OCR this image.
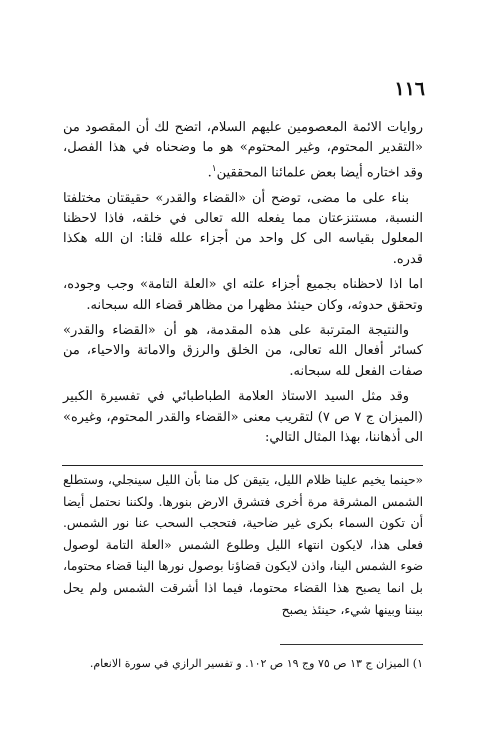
١١٦

روايات الائمة المعصومين عليهم السلام، اتضح لك أن المقصود من «التقدير المحتوم، وغير المحتوم» هو ما وضحناه في هذا الفصل، وقد اختاره أيضا بعض علمائنا المحققين$^١$.

بناء على ما مضى، توضح أن «القضاء والقدر» حقيقتان مختلفتا النسبة، مستنزعتان مما يفعله الله تعالى في خلقه، فاذا لاحظنا المعلول بقياسه الى كل واحد من أجزاء علله قلنا: ان الله هكذا قدره.

اما اذا لاحظناه بجميع أجزاء علته اي «العلة التامة» وجب وجوده، وتحقق حدوثه، وكان حينئذ مظهرا من مظاهر قضاء الله سبحانه.

والنتيجة المترتبة على هذه المقدمة، هو أن «القضاء والقدر» كسائر أفعال الله تعالى، من الخلق والرزق والاماتة والاحياء، من صفات الفعل لله سبحانه.

وقد مثل السيد الاستاذ العلامة الطباطبائي في تفسيرة الكبير (الميزان ج ٧ ص ٧) لتقريب معنى «القضاء والقدر المحتوم، وغيره» الى أذهاننا، بهذا المثال التالي:

«حينما يخيم علينا ظلام الليل، يتيقن كل منا بأن الليل سينجلي، وستطلع الشمس المشرقة مرة أخرى فتشرق الارض بنورها. ولكننا نحتمل أيضا أن تكون السماء بكرى غير ضاحية، فتحجب السحب عنا نور الشمس. فعلى هذا، لايكون انتهاء الليل وطلوع الشمس «العلة التامة لوصول ضوء الشمس الينا، واذن لايكون قضاؤنا بوصول نورها الينا قضاء محتوما، بل انما يصبح هذا القضاء محتوما، فيما اذا أشرقت الشمس ولم يحل بيننا وبينها شيء، حينئذ يصبح

١) الميزان ج ١٣ ص ٧٥ وج ١٩ ص ١٠٢. و تفسير الرازي في سورة الانعام.
